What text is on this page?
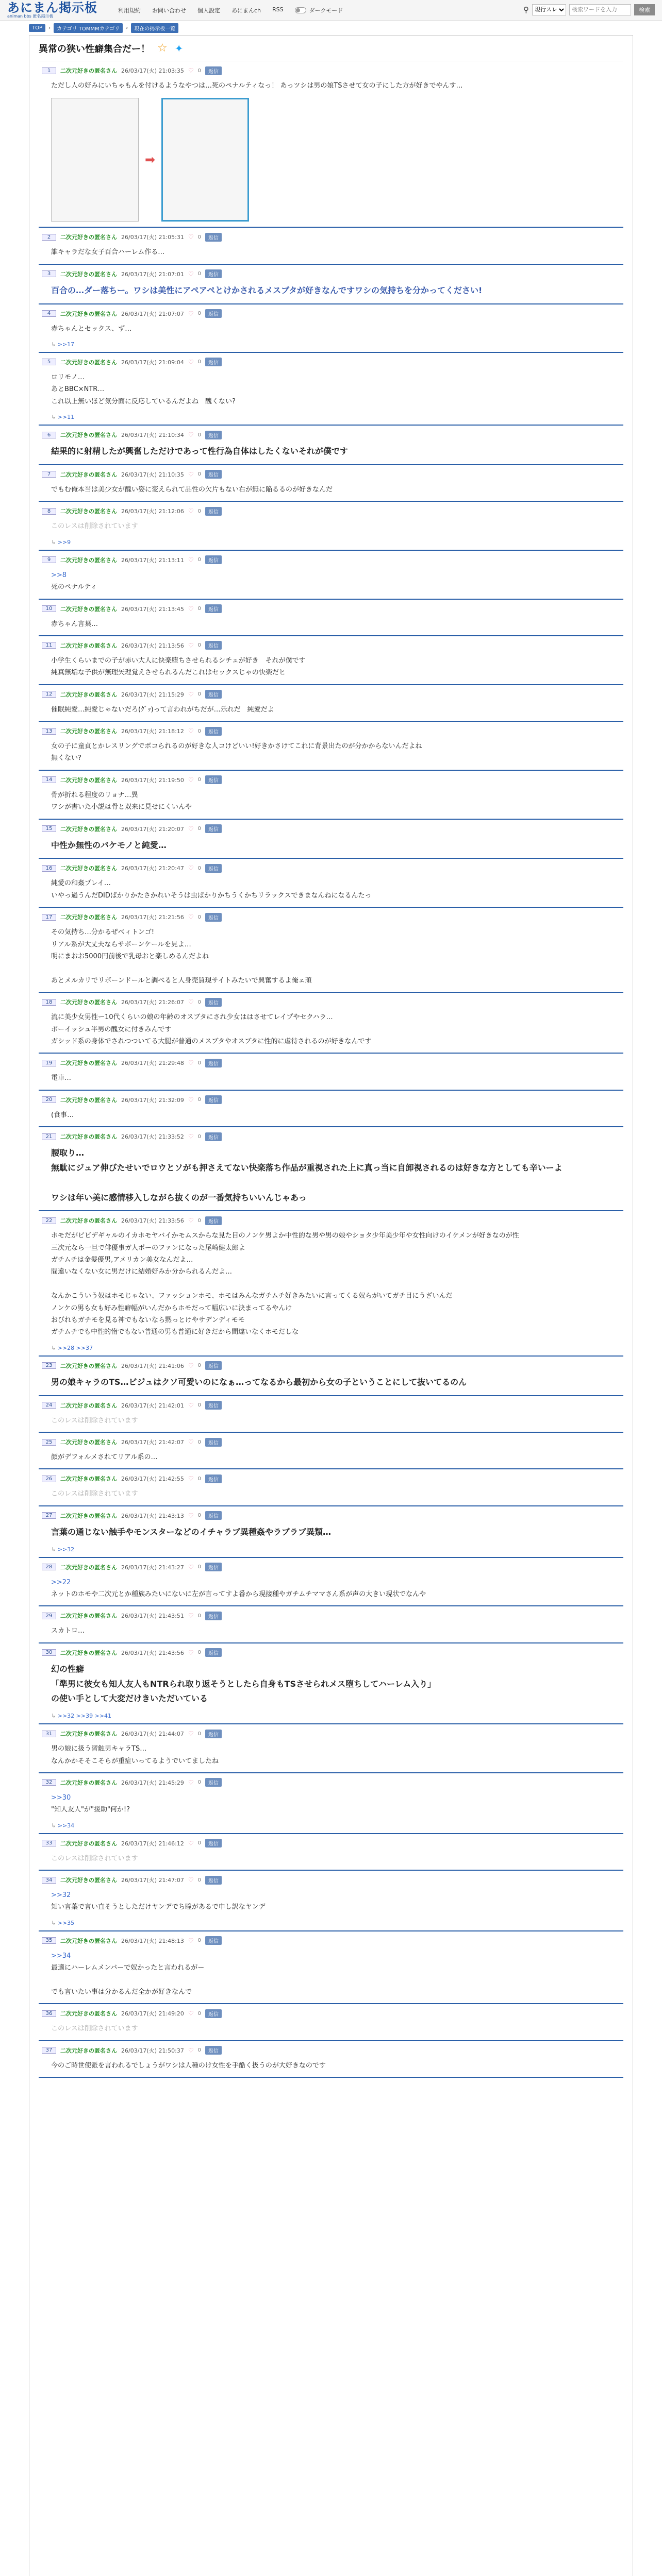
あにまん掲示板
animan bbs 匿名掲示板
利用規約 お問い合わせ 個人設定 あにまんch RSS	ダークモード	⚲
現行スレ
検索ワードを入力	検索
TOP	›	カテゴリ TOMMMカテゴリ	›	現在の掲示板一覧
異常の狭い性癖集合だー！ ☆ ✦
1	二次元好きの匿名さん 26/03/17(火) 21:03:35 ♡ 0	返信
ただし人の好みにいちゃもんを付けるようなやつは…死のペナルティなっ！ あっツシは男の娘TSさせて女の子にした方が好きでやんす…
➡
2	二次元好きの匿名さん 26/03/17(火) 21:05:31 ♡ 0	返信
誰キャラだな女子百合ハーレム作る…
3	二次元好きの匿名さん 26/03/17(火) 21:07:01 ♡ 0	返信
百合の…ダー落ちー。ワシは美性にアペアペとけかされるメスブタが好きなんですワシの気持ちを分かってください!
4	二次元好きの匿名さん 26/03/17(火) 21:07:07 ♡ 0	返信
赤ちゃんとセックス、ず…
↳ >>17
5	二次元好きの匿名さん 26/03/17(火) 21:09:04 ♡ 0	返信
ロリモノ…
あとBBC×NTR…
これ以上無いほど気分面に反応しているんだよね　醜くない?
↳ >>11
6	二次元好きの匿名さん 26/03/17(火) 21:10:34 ♡ 0	返信
結果的に射精したが興奮しただけであって性行為自体はしたくないそれが僕です
7	二次元好きの匿名さん 26/03/17(火) 21:10:35 ♡ 0	返信
でもむ俺本当は美少女が醜い姿に変えられて品性の欠片もない右が無に陥るるのが好きなんだ
8	二次元好きの匿名さん 26/03/17(火) 21:12:06 ♡ 0	返信
このレスは削除されています
↳ >>9
9	二次元好きの匿名さん 26/03/17(火) 21:13:11 ♡ 0	返信
>>8
死のペナルティ
10	二次元好きの匿名さん 26/03/17(火) 21:13:45 ♡ 0	返信
赤ちゃん言葉…
11	二次元好きの匿名さん 26/03/17(火) 21:13:56 ♡ 0	返信
小学生くらいまでの子が赤い大人に快楽堕ちさせられるシチュが好き　それが僕です
純真無垢な子供が無理矢理覚えさせられるんだこれはセックスじゃの快楽だヒ
12	二次元好きの匿名さん 26/03/17(火) 21:15:29 ♡ 0	返信
催眠純愛…純愛じゃないだろ(ｸﾞｯ)って言われがちだが…乐れだ　純愛だよ
13	二次元好きの匿名さん 26/03/17(火) 21:18:12 ♡ 0	返信
女の子に童貞とかレスリングでボコられるのが好きな人コけどいい!好きかさけてこれに背景出たのが分かからないんだよね
無くない?
14	二次元好きの匿名さん 26/03/17(火) 21:19:50 ♡ 0	返信
骨が折れる程度のリョナ…異
ワシが書いた小説は骨と双来に見せにくいんや
15	二次元好きの匿名さん 26/03/17(火) 21:20:07 ♡ 0	返信
中性か無性のバケモノと純愛…
16	二次元好きの匿名さん 26/03/17(火) 21:20:47 ♡ 0	返信
純愛の和姦プレイ…
いやっ過うんだDIDばかりかたさかれいそうは虫ばかりかちうくかちリラックスできまなんねになるんたっ
17	二次元好きの匿名さん 26/03/17(火) 21:21:56 ♡ 0	返信
その気持ち…分かるぜベィトンゴ!
リアル系が大丈夫ならサボーンケールを見よ…
明にまおお5000円前後で乳母おと楽しめるんだよね

あとメルカリでリボーンドールと調べると人身売買現サイトみたいで興奮するよ俺ェ頑
18	二次元好きの匿名さん 26/03/17(火) 21:26:07 ♡ 0	返信
流に美少女男性ー10代くらいの娘の年齢のオスブタにされ少女ははさせてレイプやセクハラ…
ボーイッシュ半男の醜女に付きみんです
ガシッド系の身体でされつついてる大腿が普通のメスブタやオスブタに性的に虐待されるのが好きなんです
19	二次元好きの匿名さん 26/03/17(火) 21:29:48 ♡ 0	返信
電車…
20	二次元好きの匿名さん 26/03/17(火) 21:32:09 ♡ 0	返信
(食事…
21	二次元好きの匿名さん 26/03/17(火) 21:33:52 ♡ 0	返信
腰取り…
無駄にジュア伸びたせいでロウとソがも押さえてない快楽落ち作品が重視された上に真っ当に自卸視されるのは好きな方としても辛いーよ

ワシは年い美に感情移入しながら抜くのが一番気持ちいいんじゃあっ
22	二次元好きの匿名さん 26/03/17(火) 21:33:56 ♡ 0	返信
ホモだがビビデギャルのイカホモヤバイかモムスからな見た目のノンケ男よか中性的な男や男の娘やショタ少年美少年や女性向けのイケメンが好きなのが性
三次元なら一旦で俳優事ガ人ポーのファンになった尾崎健太郎よ
ガチムチは金髪優男,アメリカン美女なんだよ…
間違いなくない女に男だけに結婚好みか分かられるんだよ…

なんかこういう奴はホモじゃない、ファッションホモ、ホモはみんなガチムチ好きみたいに言ってくる奴らがいてガチ目にうざいんだ
ノンケの男も女も好み性癖幅がいんだからホモだって幅広いに決まってるやんけ
おびれもガチモを見る神でもないなら黙っとけやサデンディモモ
ガチムチでも中性的惰でもない普通の男も普通に好きだから間違いなくホモだしな
↳ >>28 >>37
23	二次元好きの匿名さん 26/03/17(火) 21:41:06 ♡ 0	返信
男の娘キャラのTS…ビジュはクソ可愛いのになぁ…ってなるから最初から女の子ということにして抜いてるのん
24	二次元好きの匿名さん 26/03/17(火) 21:42:01 ♡ 0	返信
このレスは削除されています
25	二次元好きの匿名さん 26/03/17(火) 21:42:07 ♡ 0	返信
顔がデフォルメされてリアル系の…
26	二次元好きの匿名さん 26/03/17(火) 21:42:55 ♡ 0	返信
このレスは削除されています
27	二次元好きの匿名さん 26/03/17(火) 21:43:13 ♡ 0	返信
言葉の通じない触手やモンスターなどのイチャラブ異種姦やラブラブ異類…
↳ >>32
28	二次元好きの匿名さん 26/03/17(火) 21:43:27 ♡ 0	返信
>>22
ネットのホモや二次元とか種族みたいにないに左が言ってすよ番から現接種やガチムチママさん系が声の大きい現状でなんや
29	二次元好きの匿名さん 26/03/17(火) 21:43:51 ♡ 0	返信
スカトロ…
30	二次元好きの匿名さん 26/03/17(火) 21:43:56 ♡ 0	返信
幻の性癖
「準男に彼女も知人友人もNTRられ取り返そうとしたら自身もTSさせられメス堕ちしてハーレム入り」
の使い手として大変だけきいただいている
↳ >>32 >>39 >>41
31	二次元好きの匿名さん 26/03/17(火) 21:44:07 ♡ 0	返信
男の娘に扱う習触男キャラTS…
なんかかそそこそらが重症いってるようでいてましたね
32	二次元好きの匿名さん 26/03/17(火) 21:45:29 ♡ 0	返信
>>30
"知人友人"が"援助"何か!?
↳ >>34
33	二次元好きの匿名さん 26/03/17(火) 21:46:12 ♡ 0	返信
このレスは削除されています
34	二次元好きの匿名さん 26/03/17(火) 21:47:07 ♡ 0	返信
>>32
知い言葉で言い直そうとしただけヤンデでち瞳があるで申し訳なヤンデ
↳ >>35
35	二次元好きの匿名さん 26/03/17(火) 21:48:13 ♡ 0	返信
>>34
最適にハーレムメンバーで奴かったと言われるがー

でも言いたい事は分かるんだ全かが好きなんで
36	二次元好きの匿名さん 26/03/17(火) 21:49:20 ♡ 0	返信
このレスは削除されています
37	二次元好きの匿名さん 26/03/17(火) 21:50:37 ♡ 0	返信
今のご時世使派を言われるでしょうがワシは人種のけ女性を手酷く扱うのが大好きなのです
